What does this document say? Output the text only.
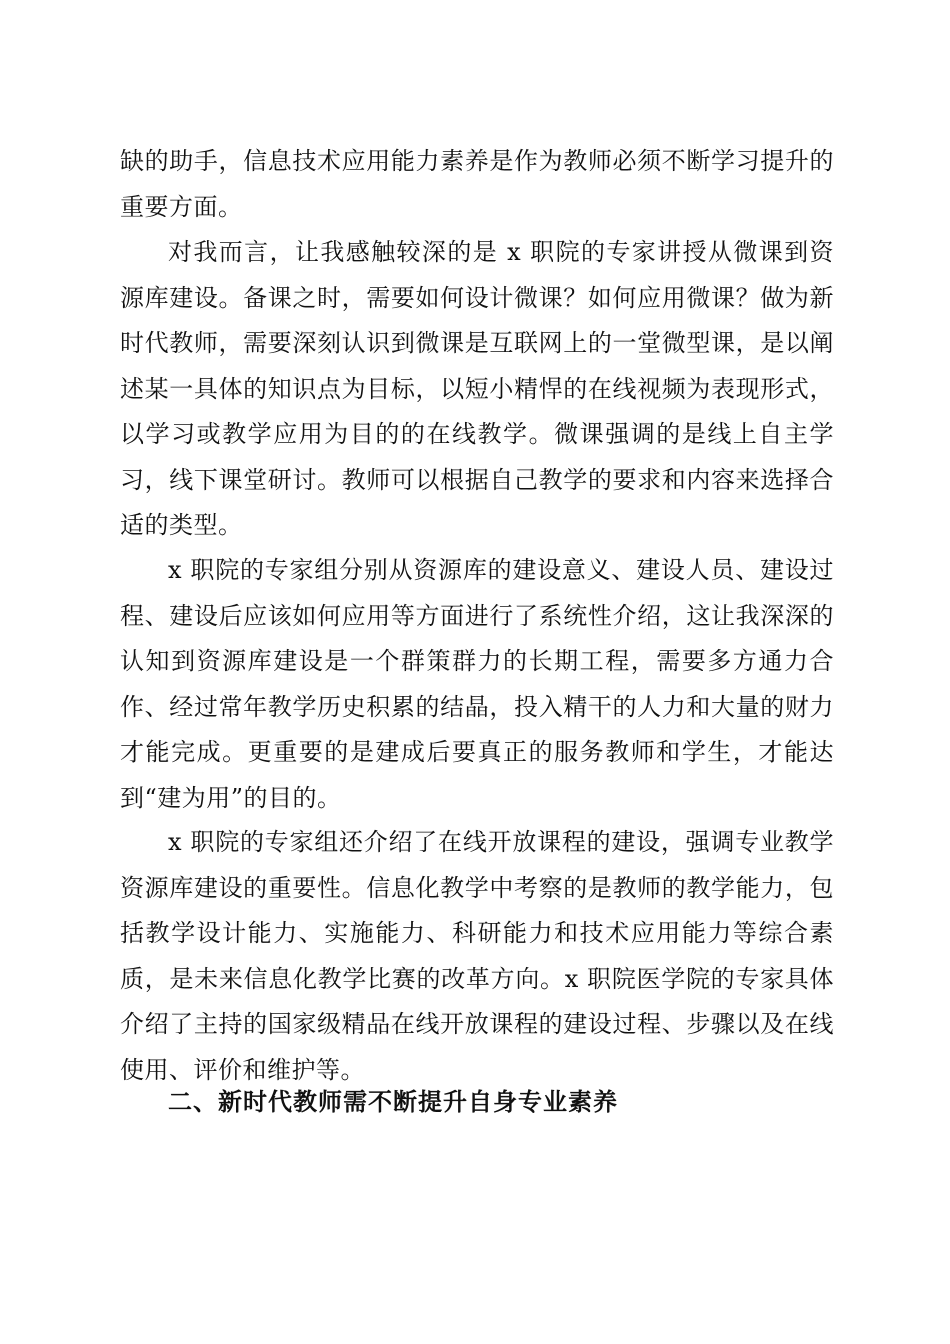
缺的助手，信息技术应用能力素养是作为教师必须不断学习提升的重要方面。

对我而言，让我感触较深的是 x 职院的专家讲授从微课到资源库建设。备课之时，需要如何设计微课？如何应用微课？做为新时代教师，需要深刻认识到微课是互联网上的一堂微型课，是以阐述某一具体的知识点为目标，以短小精悍的在线视频为表现形式，以学习或教学应用为目的的在线教学。微课强调的是线上自主学习，线下课堂研讨。教师可以根据自己教学的要求和内容来选择合适的类型。

x 职院的专家组分别从资源库的建设意义、建设人员、建设过程、建设后应该如何应用等方面进行了系统性介绍，这让我深深的认知到资源库建设是一个群策群力的长期工程，需要多方通力合作、经过常年教学历史积累的结晶，投入精干的人力和大量的财力才能完成。更重要的是建成后要真正的服务教师和学生，才能达到“建为用”的目的。

x 职院的专家组还介绍了在线开放课程的建设，强调专业教学资源库建设的重要性。信息化教学中考察的是教师的教学能力，包括教学设计能力、实施能力、科研能力和技术应用能力等综合素质，是未来信息化教学比赛的改革方向。x 职院医学院的专家具体介绍了主持的国家级精品在线开放课程的建设过程、步骤以及在线使用、评价和维护等。

二、新时代教师需不断提升自身专业素养
